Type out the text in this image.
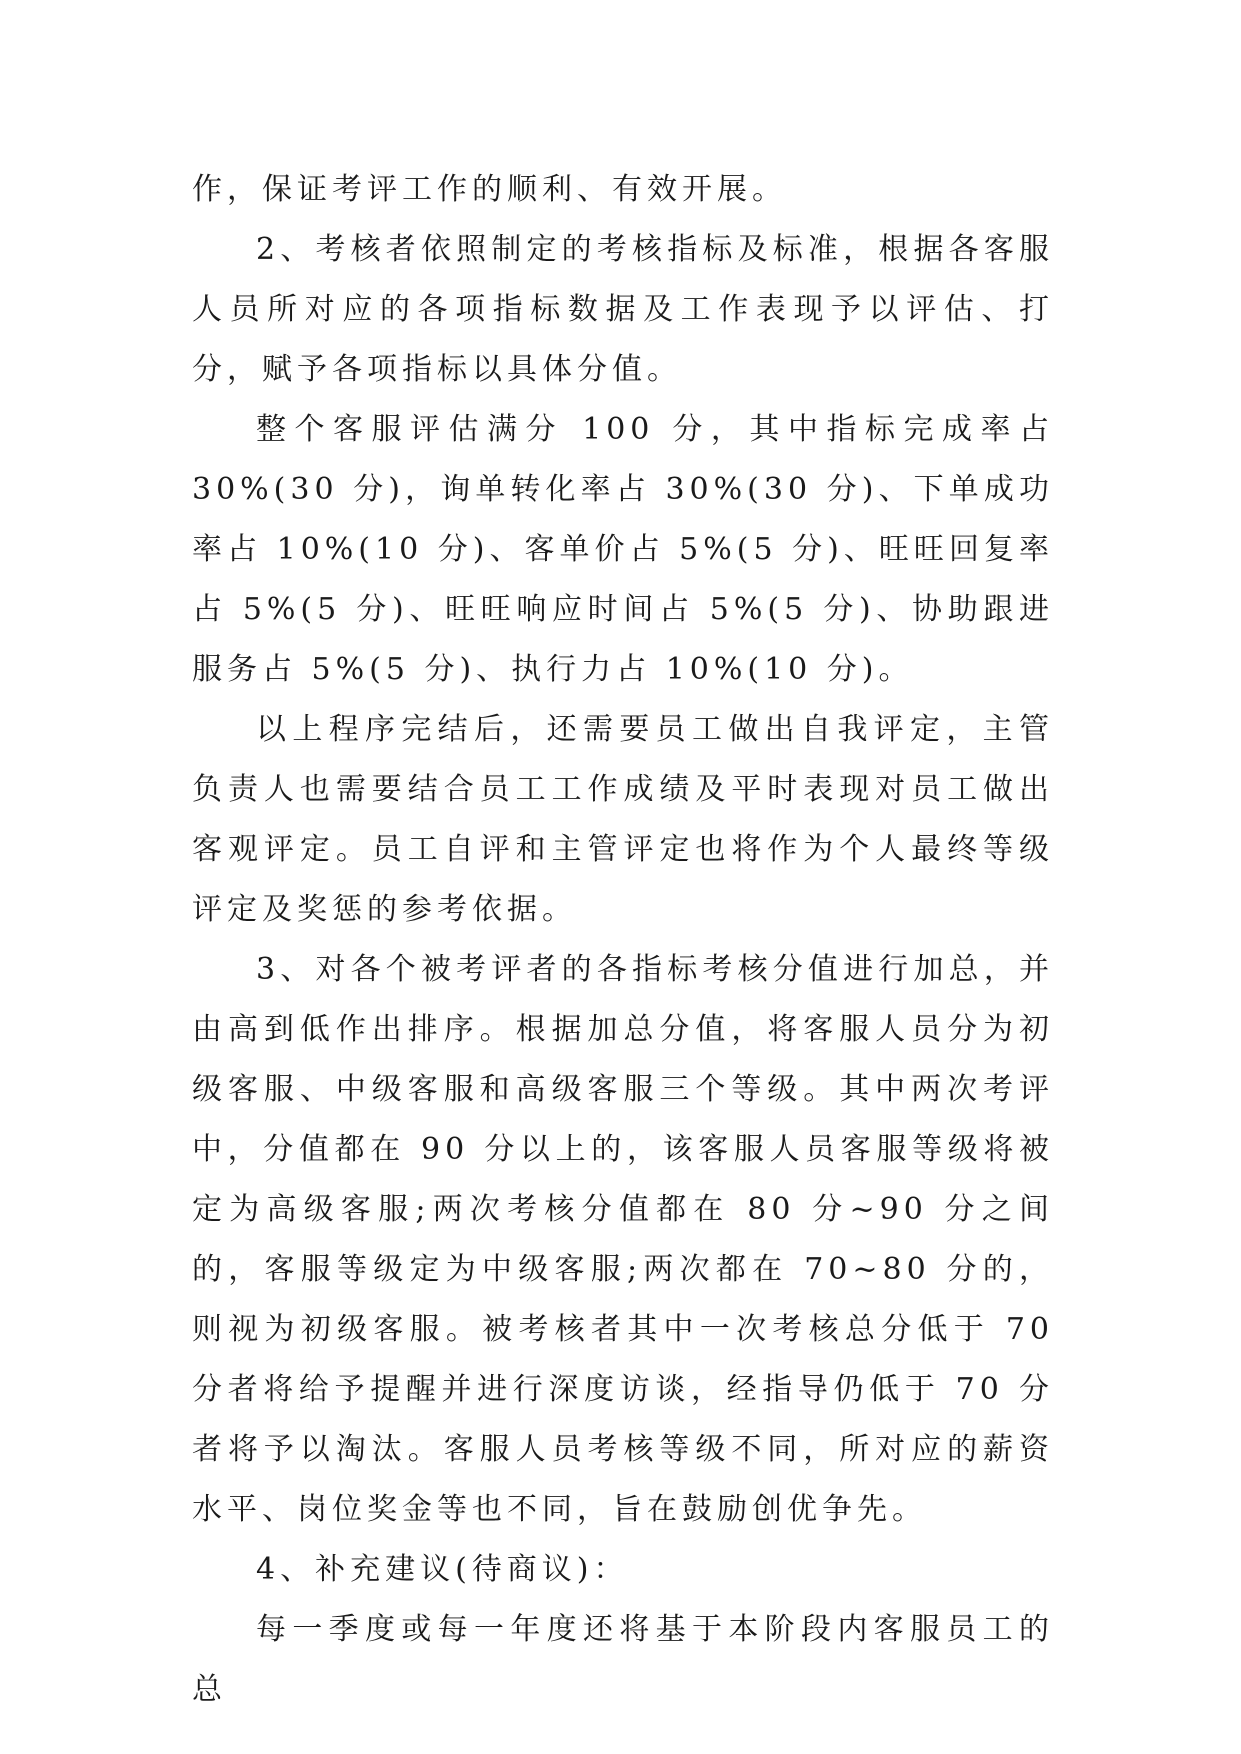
作，保证考评工作的顺利、有效开展。

2、考核者依照制定的考核指标及标准，根据各客服人员所对应的各项指标数据及工作表现予以评估、打分，赋予各项指标以具体分值。

整个客服评估满分 100 分，其中指标完成率占 30%(30 分)，询单转化率占 30%(30 分)、下单成功率占 10%(10 分)、客单价占 5%(5 分)、旺旺回复率占 5%(5 分)、旺旺响应时间占 5%(5 分)、协助跟进服务占 5%(5 分)、执行力占 10%(10 分)。

以上程序完结后，还需要员工做出自我评定，主管负责人也需要结合员工工作成绩及平时表现对员工做出客观评定。员工自评和主管评定也将作为个人最终等级评定及奖惩的参考依据。

3、对各个被考评者的各指标考核分值进行加总，并由高到低作出排序。根据加总分值，将客服人员分为初级客服、中级客服和高级客服三个等级。其中两次考评中，分值都在 90 分以上的，该客服人员客服等级将被定为高级客服;两次考核分值都在 80 分~90 分之间的，客服等级定为中级客服;两次都在 70~80 分的，则视为初级客服。被考核者其中一次考核总分低于 70 分者将给予提醒并进行深度访谈，经指导仍低于 70 分者将予以淘汰。客服人员考核等级不同，所对应的薪资水平、岗位奖金等也不同，旨在鼓励创优争先。

4、补充建议(待商议)：

每一季度或每一年度还将基于本阶段内客服员工的总
